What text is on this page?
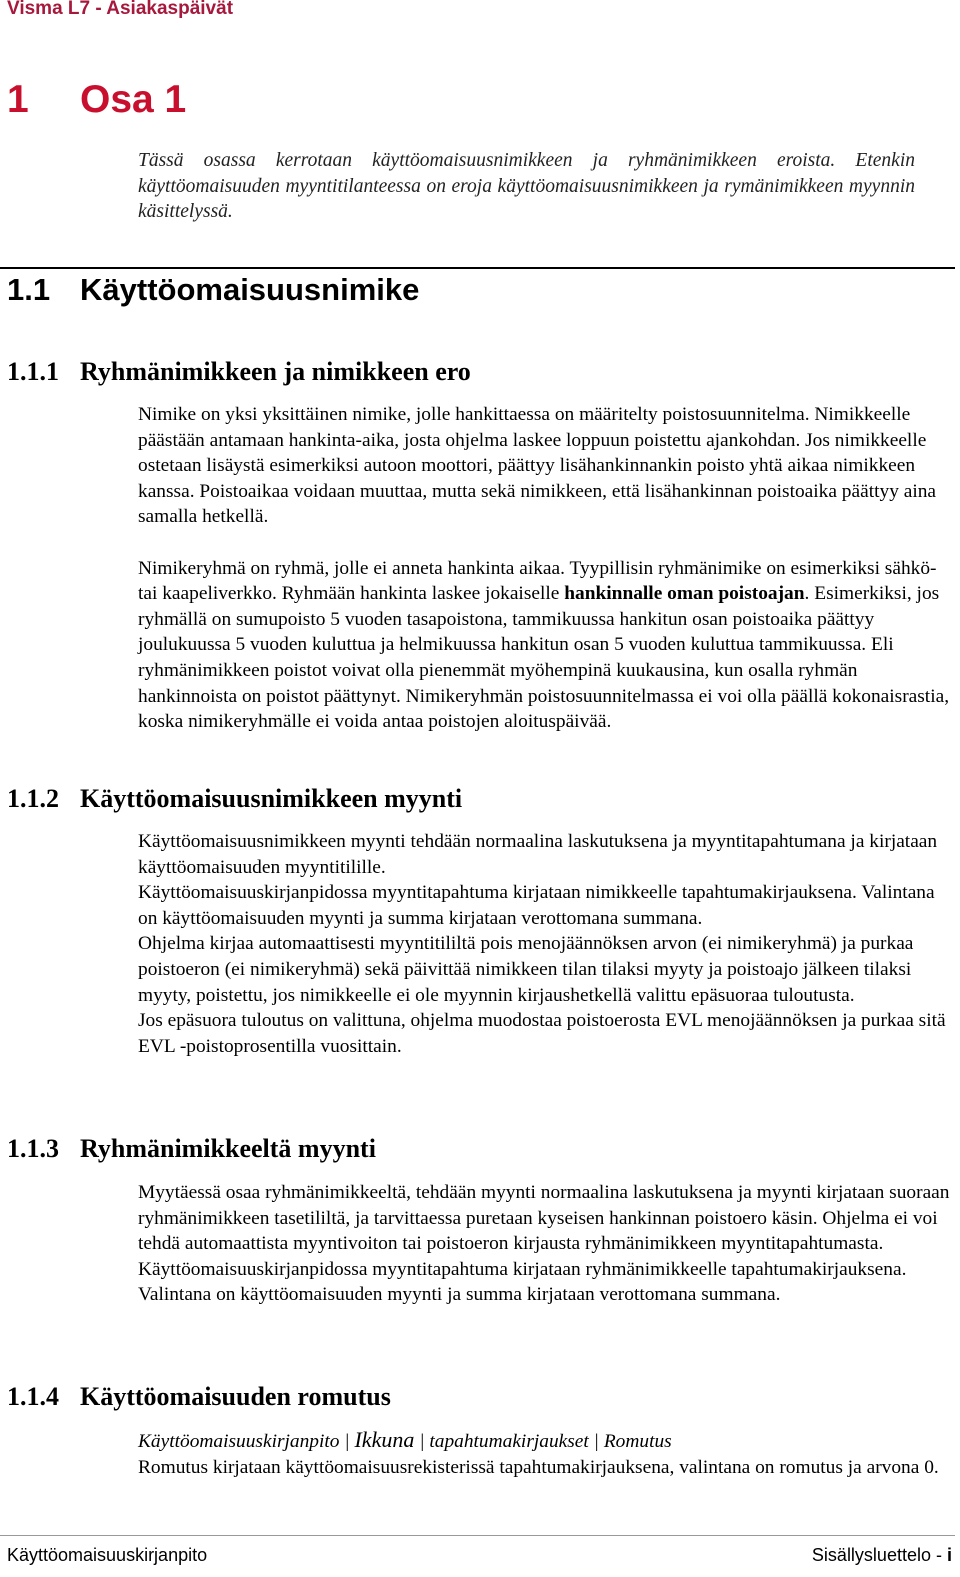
Visma L7 - Asiakaspäivät
1 Osa 1
Tässä osassa kerrotaan käyttöomaisuusnimikkeen ja ryhmänimikkeen eroista. Etenkin käyttöomaisuuden myyntitilanteessa on eroja käyttöomaisuusnimikkeen ja rymänimikkeen myynnin käsittelyssä.
1.1 Käyttöomaisuusnimike
1.1.1 Ryhmänimikkeen ja nimikkeen ero

Nimike on yksi yksittäinen nimike, jolle hankittaessa on määritelty poistosuunnitelma. Nimikkeelle päästään antamaan hankinta-aika, josta ohjelma laskee loppuun poistettu ajankohdan. Jos nimikkeelle ostetaan lisäystä esimerkiksi autoon moottori, päättyy lisähankinnankin poisto yhtä aikaa nimikkeen kanssa. Poistoaikaa voidaan muuttaa, mutta sekä nimikkeen, että lisähankinnan poistoaika päättyy aina samalla hetkellä.

Nimikeryhmä on ryhmä, jolle ei anneta hankinta aikaa. Tyypillisin ryhmänimike on esimerkiksi sähkö- tai kaapeliverkko. Ryhmään hankinta laskee jokaiselle hankinnalle oman poistoajan. Esimerkiksi, jos ryhmällä on sumupoisto 5 vuoden tasapoistona, tammikuussa hankitun osan poistoaika päättyy joulukuussa 5 vuoden kuluttua ja helmikuussa hankitun osan 5 vuoden kuluttua tammikuussa. Eli ryhmänimikkeen poistot voivat olla pienemmät myöhempinä kuukausina, kun osalla ryhmän hankinnoista on poistot päättynyt. Nimikeryhmän poistosuunnitelmassa ei voi olla päällä kokonaisrastia, koska nimikeryhmälle ei voida antaa poistojen aloituspäivää.

1.1.2 Käyttöomaisuusnimikkeen myynti

Käyttöomaisuusnimikkeen myynti tehdään normaalina laskutuksena ja myyntitapahtumana ja kirjataan käyttöomaisuuden myyntitilille.

Käyttöomaisuuskirjanpidossa myyntitapahtuma kirjataan nimikkeelle tapahtumakirjauksena. Valintana on käyttöomaisuuden myynti ja summa kirjataan verottomana summana.

Ohjelma kirjaa automaattisesti myyntitililtä pois menojäännöksen arvon (ei nimikeryhmä) ja purkaa poistoeron (ei nimikeryhmä) sekä päivittää nimikkeen tilan tilaksi myyty ja poistoajo jälkeen tilaksi myyty, poistettu, jos nimikkeelle ei ole myynnin kirjaushetkellä valittu epäsuoraa tuloutusta.

Jos epäsuora tuloutus on valittuna, ohjelma muodostaa poistoerosta EVL menojäännöksen ja purkaa sitä EVL -poistoprosentilla vuosittain.

1.1.3 Ryhmänimikkeeltä myynti

Myytäessä osaa ryhmänimikkeeltä, tehdään myynti normaalina laskutuksena ja myynti kirjataan suoraan ryhmänimikkeen tasetililtä, ja tarvittaessa puretaan kyseisen hankinnan poistoero käsin. Ohjelma ei voi tehdä automaattista myyntivoiton tai poistoeron kirjausta ryhmänimikkeen myyntitapahtumasta.

Käyttöomaisuuskirjanpidossa myyntitapahtuma kirjataan ryhmänimikkeelle tapahtumakirjauksena. Valintana on käyttöomaisuuden myynti ja summa kirjataan verottomana summana.

1.1.4 Käyttöomaisuuden romutus

Käyttöomaisuuskirjanpito | Ikkuna | tapahtumakirjaukset | Romutus

Romutus kirjataan käyttöomaisuusrekisterissä tapahtumakirjauksena, valintana on romutus ja arvona 0.

Käyttöomaisuuskirjanpito	Sisällysluettelo - i
